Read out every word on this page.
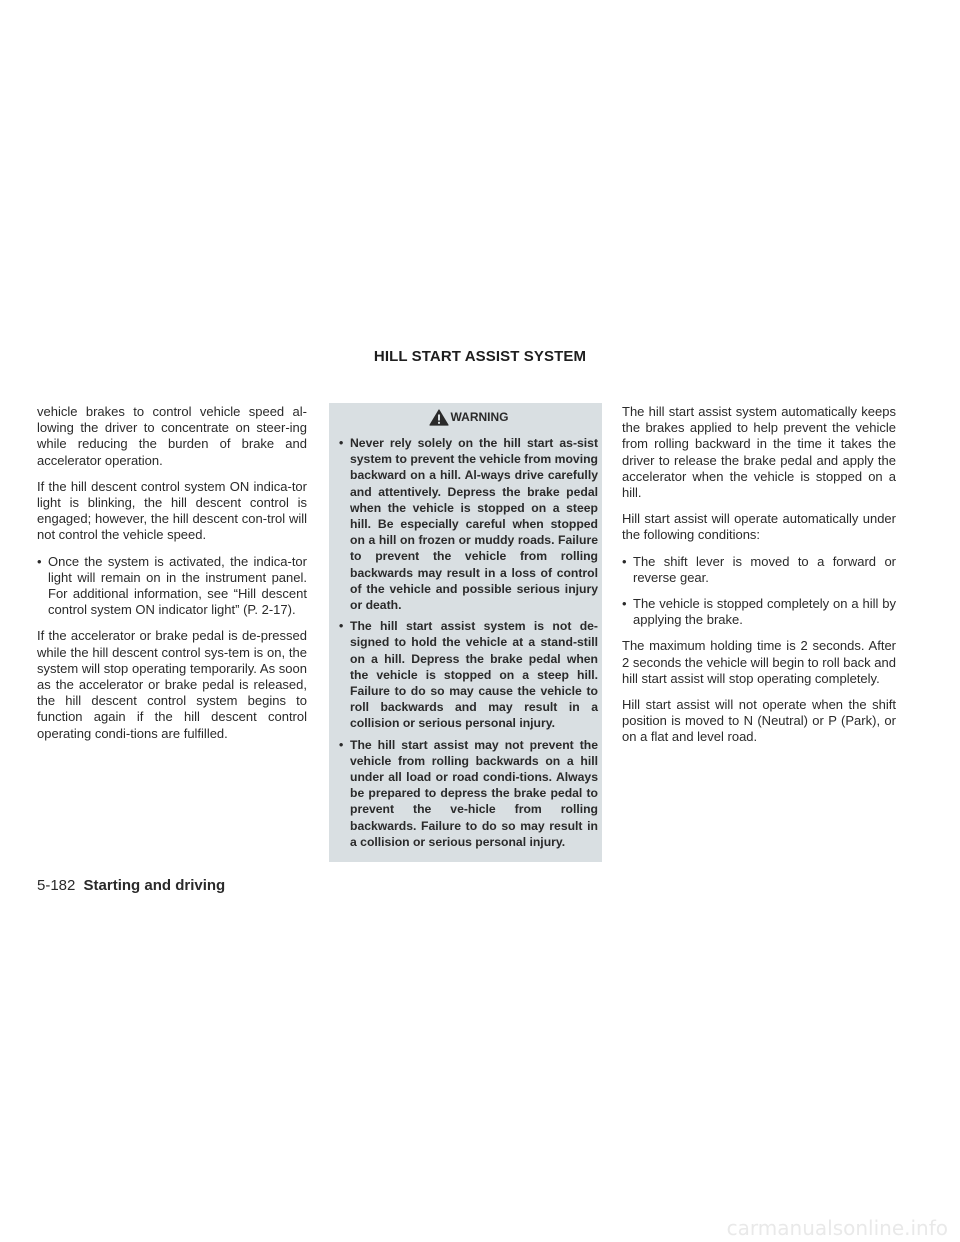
HILL START ASSIST SYSTEM

vehicle brakes to control vehicle speed al-lowing the driver to concentrate on steer-ing while reducing the burden of brake and accelerator operation.

If the hill descent control system ON indica-tor light is blinking, the hill descent control is engaged; however, the hill descent con-trol will not control the vehicle speed.

• Once the system is activated, the indica-tor light will remain on in the instrument panel. For additional information, see “Hill descent control system ON indicator light” (P. 2-17).

If the accelerator or brake pedal is de-pressed while the hill descent control sys-tem is on, the system will stop operating temporarily. As soon as the accelerator or brake pedal is released, the hill descent control system begins to function again if the hill descent control operating condi-tions are fulfilled.

WARNING
• Never rely solely on the hill start as-sist system to prevent the vehicle from moving backward on a hill. Al-ways drive carefully and attentively. Depress the brake pedal when the vehicle is stopped on a steep hill. Be especially careful when stopped on a hill on frozen or muddy roads. Failure to prevent the vehicle from rolling backwards may result in a loss of control of the vehicle and possible serious injury or death.
• The hill start assist system is not de-signed to hold the vehicle at a stand-still on a hill. Depress the brake pedal when the vehicle is stopped on a steep hill. Failure to do so may cause the vehicle to roll backwards and may result in a collision or serious personal injury.
• The hill start assist may not prevent the vehicle from rolling backwards on a hill under all load or road condi-tions. Always be prepared to depress the brake pedal to prevent the ve-hicle from rolling backwards. Failure to do so may result in a collision or serious personal injury.

The hill start assist system automatically keeps the brakes applied to help prevent the vehicle from rolling backward in the time it takes the driver to release the brake pedal and apply the accelerator when the vehicle is stopped on a hill.

Hill start assist will operate automatically under the following conditions:

• The shift lever is moved to a forward or reverse gear.
• The vehicle is stopped completely on a hill by applying the brake.

The maximum holding time is 2 seconds. After 2 seconds the vehicle will begin to roll back and hill start assist will stop operating completely.

Hill start assist will not operate when the shift position is moved to N (Neutral) or P (Park), or on a flat and level road.

5-182 Starting and driving
carmanualsonline.info
